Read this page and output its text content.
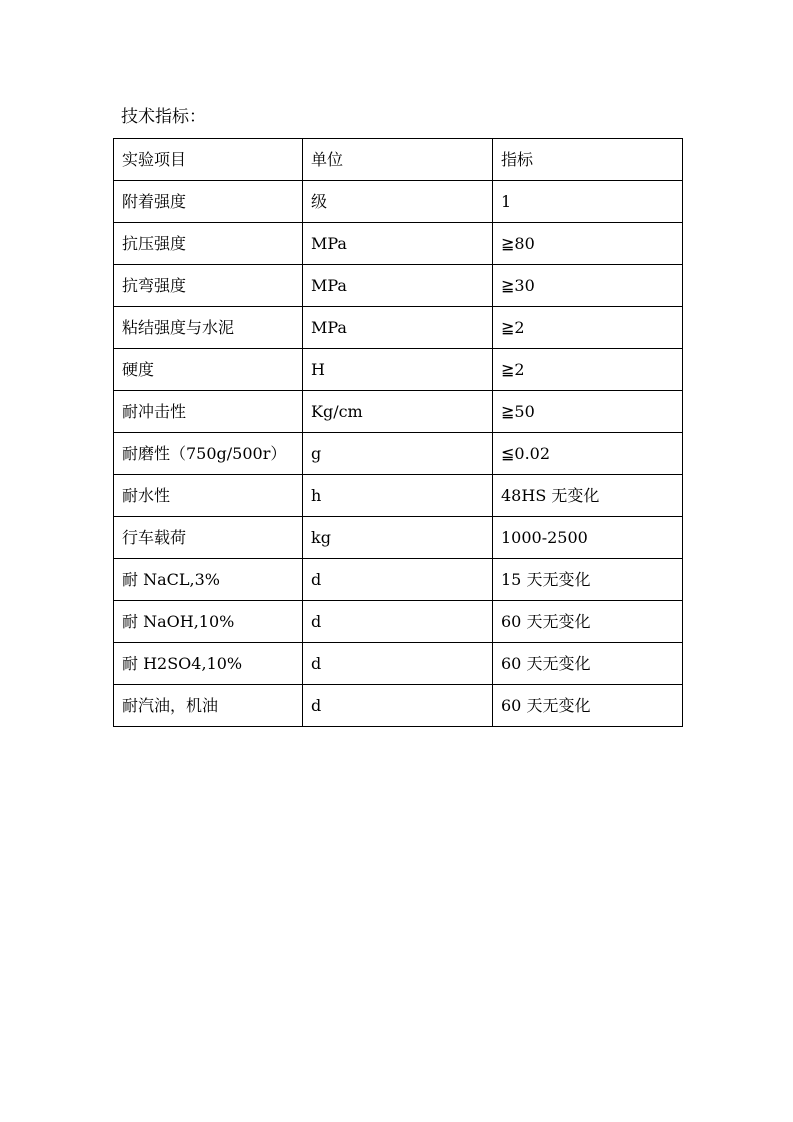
技术指标：
实验项目	单位	指标
附着强度	级	1
抗压强度	MPa	≧80
抗弯强度	MPa	≧30
粘结强度与水泥	MPa	≧2
硬度	H	≧2
耐冲击性	Kg/cm	≧50
耐磨性（750g/500r）	g	≦0.02
耐水性	h	48HS 无变化
行车载荷	kg	1000-2500
耐 NaCL,3%	d	15 天无变化
耐 NaOH,10%	d	60 天无变化
耐 H2SO4,10%	d	60 天无变化
耐汽油，机油	d	60 天无变化
